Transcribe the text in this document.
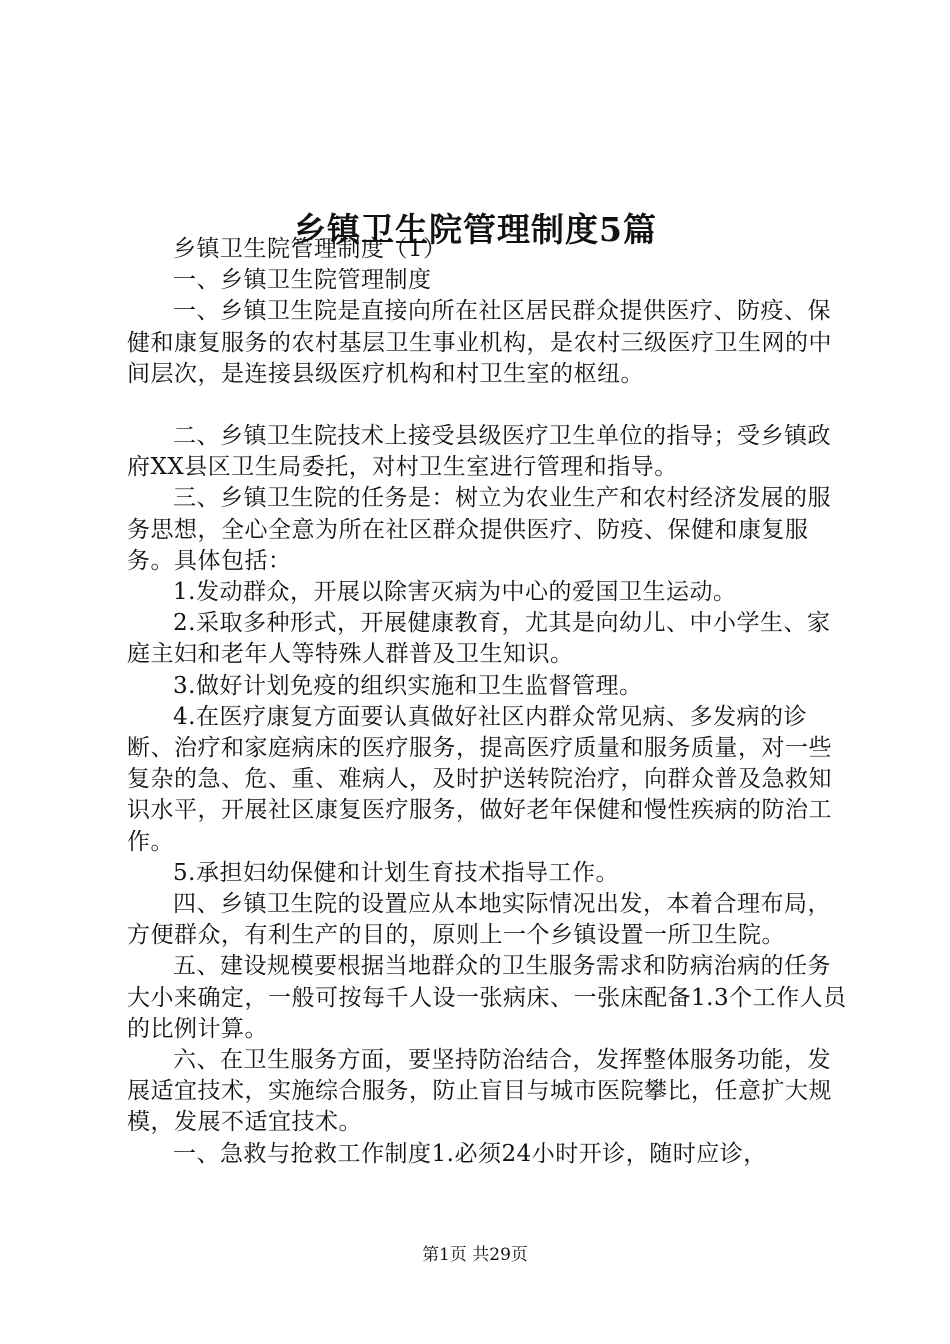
乡镇卫生院管理制度5篇

乡镇卫生院管理制度（1）

一、乡镇卫生院管理制度

一、乡镇卫生院是直接向所在社区居民群众提供医疗、防疫、保健和康复服务的农村基层卫生事业机构，是农村三级医疗卫生网的中间层次，是连接县级医疗机构和村卫生室的枢纽。

二、乡镇卫生院技术上接受县级医疗卫生单位的指导；受乡镇政府XX县区卫生局委托，对村卫生室进行管理和指导。

三、乡镇卫生院的任务是：树立为农业生产和农村经济发展的服务思想，全心全意为所在社区群众提供医疗、防疫、保健和康复服务。具体包括：

1.发动群众，开展以除害灭病为中心的爱国卫生运动。

2.采取多种形式，开展健康教育，尤其是向幼儿、中小学生、家庭主妇和老年人等特殊人群普及卫生知识。

3.做好计划免疫的组织实施和卫生监督管理。

4.在医疗康复方面要认真做好社区内群众常见病、多发病的诊断、治疗和家庭病床的医疗服务，提高医疗质量和服务质量，对一些复杂的急、危、重、难病人，及时护送转院治疗，向群众普及急救知识水平，开展社区康复医疗服务，做好老年保健和慢性疾病的防治工作。

5.承担妇幼保健和计划生育技术指导工作。

四、乡镇卫生院的设置应从本地实际情况出发，本着合理布局，方便群众，有利生产的目的，原则上一个乡镇设置一所卫生院。

五、建设规模要根据当地群众的卫生服务需求和防病治病的任务大小来确定，一般可按每千人设一张病床、一张床配备1.3个工作人员的比例计算。

六、在卫生服务方面，要坚持防治结合，发挥整体服务功能，发展适宜技术，实施综合服务，防止盲目与城市医院攀比，任意扩大规模，发展不适宜技术。

一、急救与抢救工作制度1.必须24小时开诊，随时应诊，

第1页 共29页
